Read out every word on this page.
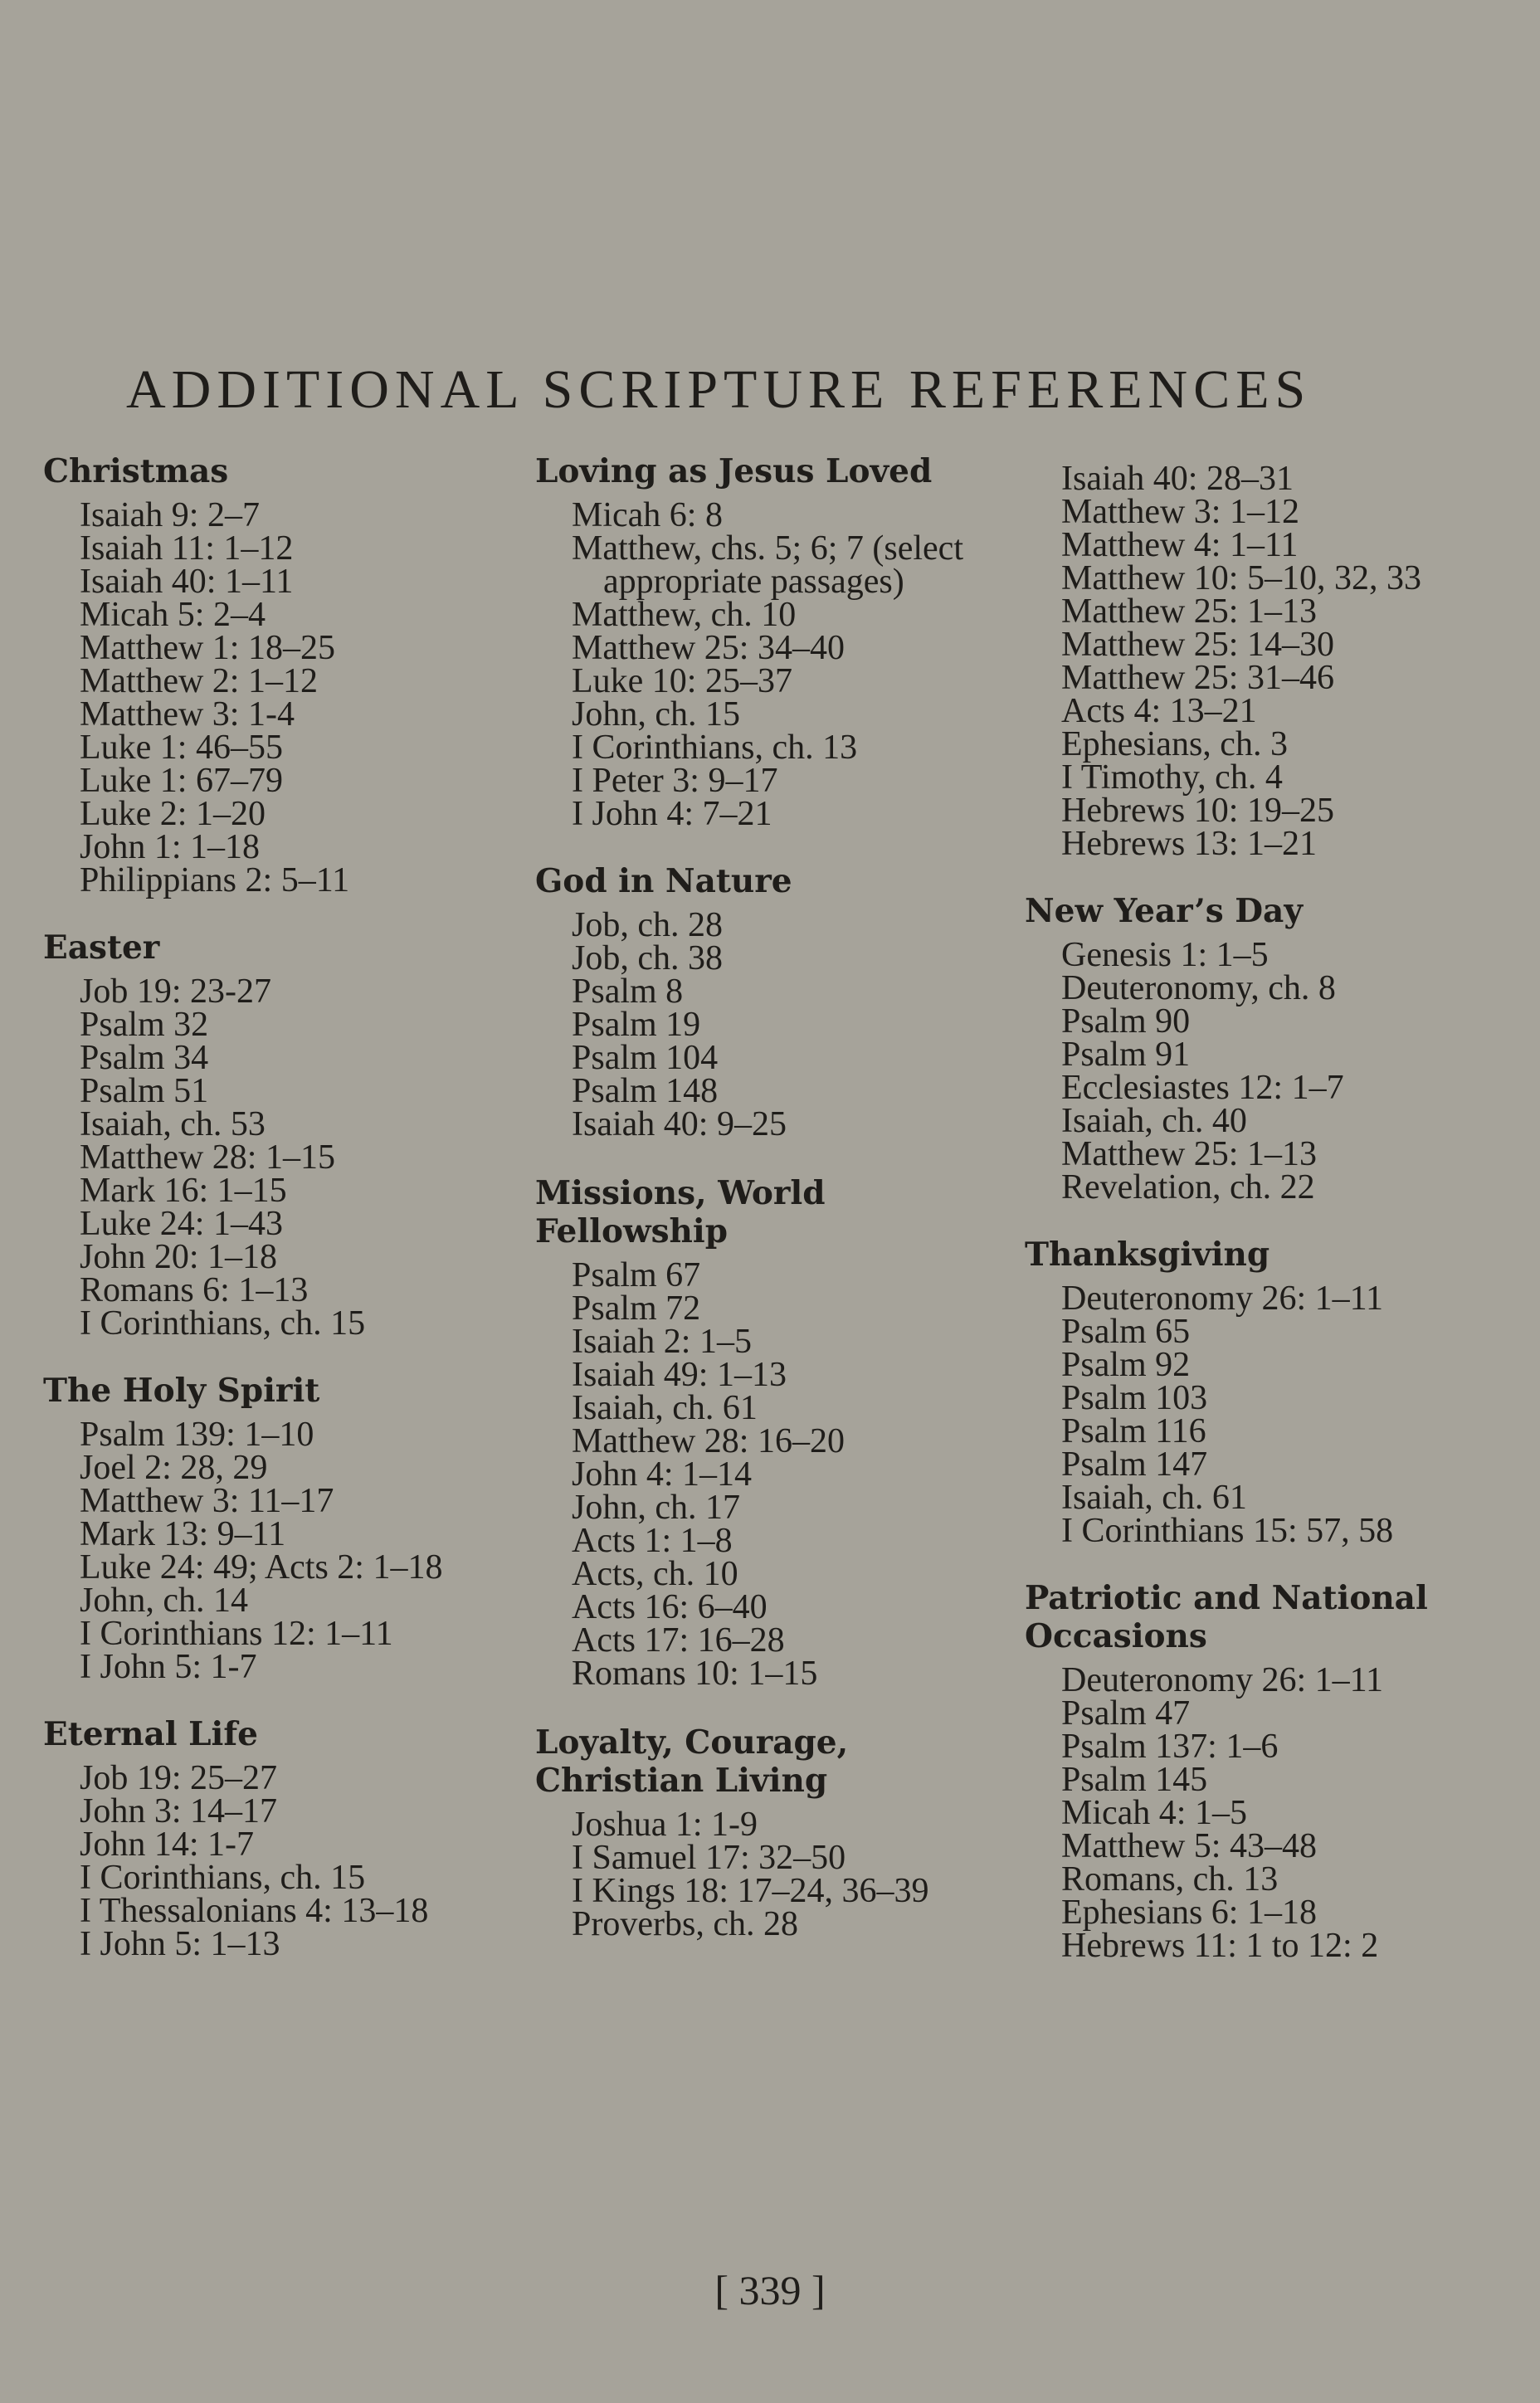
ADDITIONAL SCRIPTURE REFERENCES
Christmas
Isaiah 9: 2–7
Isaiah 11: 1–12
Isaiah 40: 1–11
Micah 5: 2–4
Matthew 1: 18–25
Matthew 2: 1–12
Matthew 3: 1-4
Luke 1: 46–55
Luke 1: 67–79
Luke 2: 1–20
John 1: 1–18
Philippians 2: 5–11
Easter
Job 19: 23-27
Psalm 32
Psalm 34
Psalm 51
Isaiah, ch. 53
Matthew 28: 1–15
Mark 16: 1–15
Luke 24: 1–43
John 20: 1–18
Romans 6: 1–13
I Corinthians, ch. 15
The Holy Spirit
Psalm 139: 1–10
Joel 2: 28, 29
Matthew 3: 11–17
Mark 13: 9–11
Luke 24: 49; Acts 2: 1–18
John, ch. 14
I Corinthians 12: 1–11
I John 5: 1-7
Eternal Life
Job 19: 25–27
John 3: 14–17
John 14: 1-7
I Corinthians, ch. 15
I Thessalonians 4: 13–18
I John 5: 1–13
Loving as Jesus Loved
Micah 6: 8
Matthew, chs. 5; 6; 7 (select appropriate passages)
Matthew, ch. 10
Matthew 25: 34–40
Luke 10: 25–37
John, ch. 15
I Corinthians, ch. 13
I Peter 3: 9–17
I John 4: 7–21
God in Nature
Job, ch. 28
Job, ch. 38
Psalm 8
Psalm 19
Psalm 104
Psalm 148
Isaiah 40: 9–25
Missions, World Fellowship
Psalm 67
Psalm 72
Isaiah 2: 1–5
Isaiah 49: 1–13
Isaiah, ch. 61
Matthew 28: 16–20
John 4: 1–14
John, ch. 17
Acts 1: 1–8
Acts, ch. 10
Acts 16: 6–40
Acts 17: 16–28
Romans 10: 1–15
Loyalty, Courage, Christian Living
Joshua 1: 1-9
I Samuel 17: 32–50
I Kings 18: 17–24, 36–39
Proverbs, ch. 28
Isaiah 40: 28–31
Matthew 3: 1–12
Matthew 4: 1–11
Matthew 10: 5–10, 32, 33
Matthew 25: 1–13
Matthew 25: 14–30
Matthew 25: 31–46
Acts 4: 13–21
Ephesians, ch. 3
I Timothy, ch. 4
Hebrews 10: 19–25
Hebrews 13: 1–21
New Year’s Day
Genesis 1: 1–5
Deuteronomy, ch. 8
Psalm 90
Psalm 91
Ecclesiastes 12: 1–7
Isaiah, ch. 40
Matthew 25: 1–13
Revelation, ch. 22
Thanksgiving
Deuteronomy 26: 1–11
Psalm 65
Psalm 92
Psalm 103
Psalm 116
Psalm 147
Isaiah, ch. 61
I Corinthians 15: 57, 58
Patriotic and National Occasions
Deuteronomy 26: 1–11
Psalm 47
Psalm 137: 1–6
Psalm 145
Micah 4: 1–5
Matthew 5: 43–48
Romans, ch. 13
Ephesians 6: 1–18
Hebrews 11: 1 to 12: 2
[ 339 ]
